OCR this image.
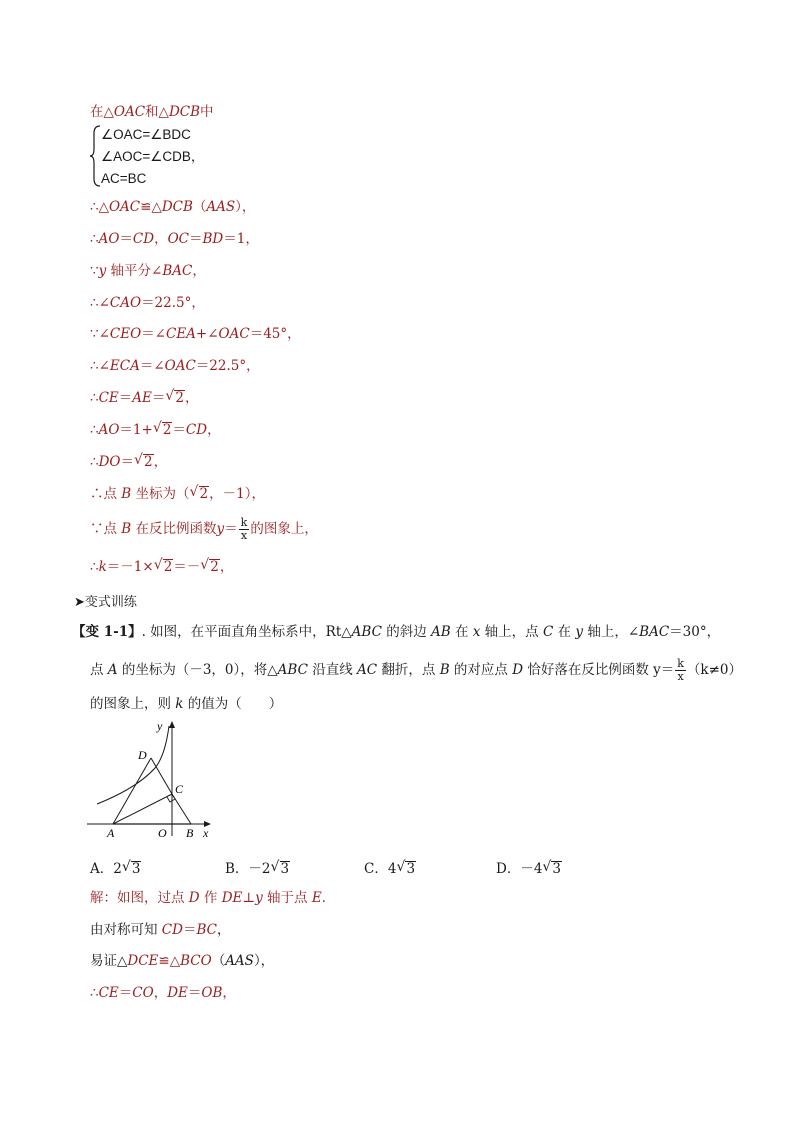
在△OAC和△DCB中
∠OAC=∠BDC
∠AOC=∠CDB，
AC=BC
∴△OAC≌△DCB（AAS），
∴AO＝CD，OC＝BD＝1，
∵y 轴平分∠BAC，
∴∠CAO＝22.5°，
∵∠CEO＝∠CEA+∠OAC＝45°，
∴∠ECA＝∠OAC＝22.5°，
∴CE＝AE＝ √ 2，
∴AO＝1+ √ 2＝CD，
∴DO＝ √ 2，
∴点 B 坐标为（ √ 2，－1），
∵点 B 在反比例函数$y= \frac{k}{x}$ 的图象上，
∴k＝－1× √ 2＝－ √ 2，
➤变式训练
【变 1-1】. 如图，在平面直角坐标系中，Rt△ABC 的斜边 AB 在 x 轴上，点 C 在 y 轴上，∠BAC＝30°，
点 A 的坐标为（－3，0），将△ABC 沿直线 AC 翻折，点 B 的对应点 D 恰好落在反比例函数 $y= \frac{k}{x} (k\ne 0)$
的图象上，则 k 的值为（　　）
y
D
C
A	O B x
A．2 √ 3	B．－2 √ 3	C．4 √ 3	D．－4 √ 3
解：如图，过点 D 作 DE⊥y 轴于点 E．
由对称可知 CD＝BC，
易证△DCE≌△BCO（AAS），
∴CE＝CO，DE＝OB，
